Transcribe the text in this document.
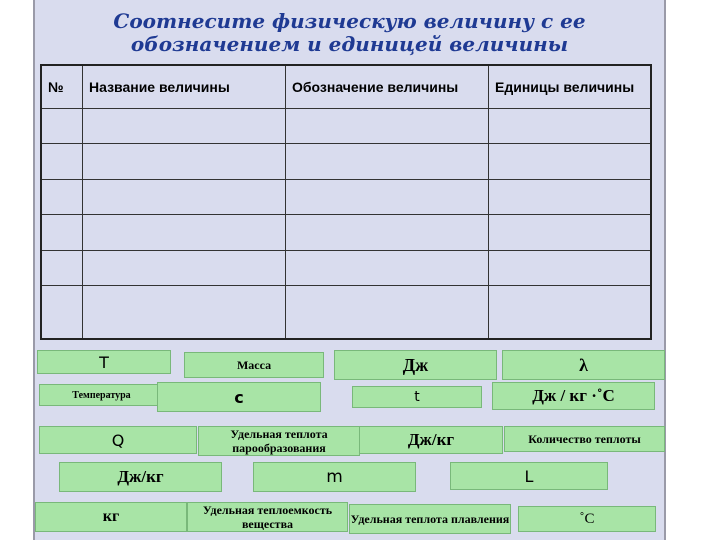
Соотнесите физическую величину с ее обозначением и единицей величины
№	Название величины	Обозначение величины	Единицы величины

T	Масса	Дж	λ
Температура	c	t	Дж / кг ·˚С
Q	Удельная теплота парообразования	Дж/кг	Количество теплоты
Дж/кг	m	L
кг	Удельная теплоемкость вещества	Удельная теплота плавления	˚С
